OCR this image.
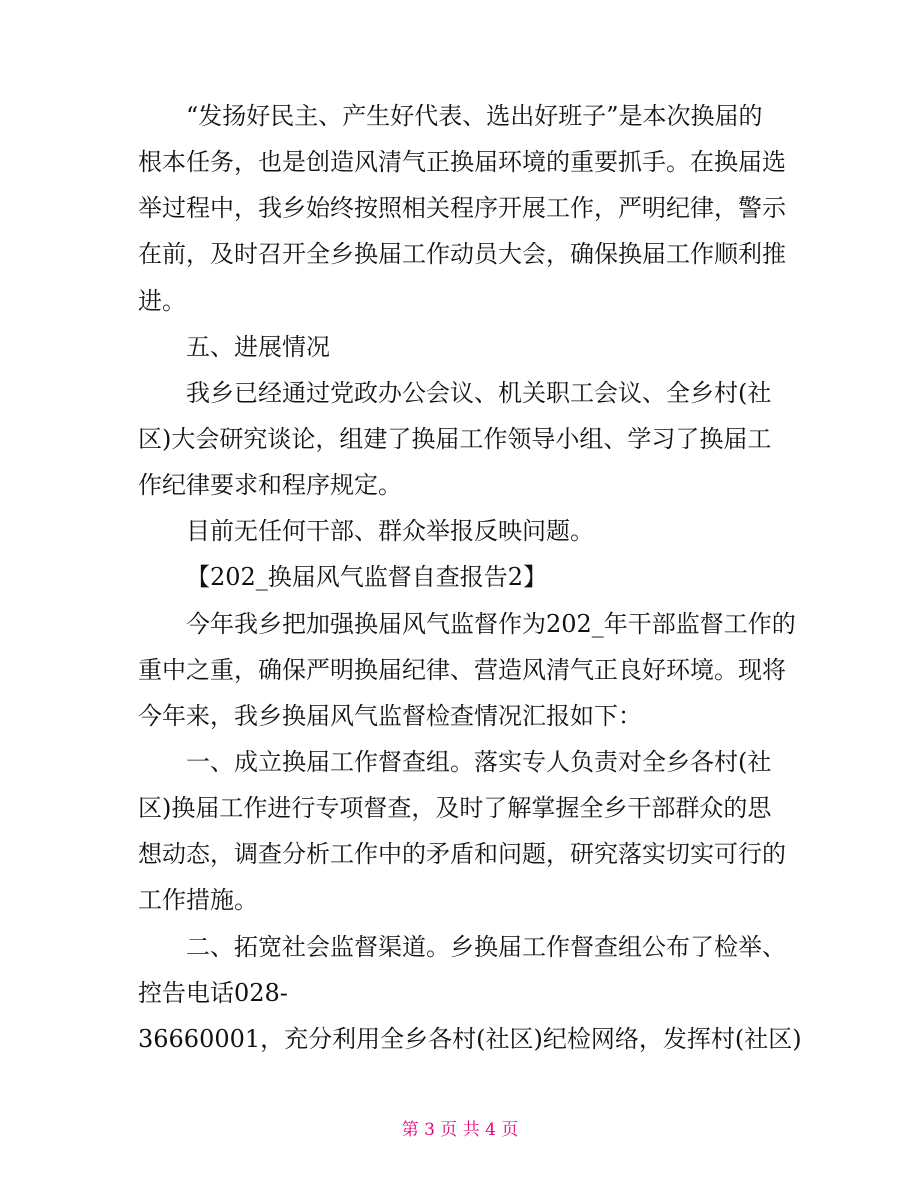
“发扬好民主、产生好代表、选出好班子”是本次换届的
根本任务，也是创造风清气正换届环境的重要抓手。在换届选
举过程中，我乡始终按照相关程序开展工作，严明纪律，警示
在前，及时召开全乡换届工作动员大会，确保换届工作顺利推
进。
五、进展情况
我乡已经通过党政办公会议、机关职工会议、全乡村(社
区)大会研究谈论，组建了换届工作领导小组、学习了换届工
作纪律要求和程序规定。
目前无任何干部、群众举报反映问题。
【202_换届风气监督自查报告2】
今年我乡把加强换届风气监督作为202_年干部监督工作的
重中之重，确保严明换届纪律、营造风清气正良好环境。现将
今年来，我乡换届风气监督检查情况汇报如下：
一、成立换届工作督查组。落实专人负责对全乡各村(社
区)换届工作进行专项督查，及时了解掌握全乡干部群众的思
想动态，调查分析工作中的矛盾和问题，研究落实切实可行的
工作措施。
二、拓宽社会监督渠道。乡换届工作督查组公布了检举、
控告电话028-
36660001，充分利用全乡各村(社区)纪检网络，发挥村(社区)
第 3 页 共 4 页
